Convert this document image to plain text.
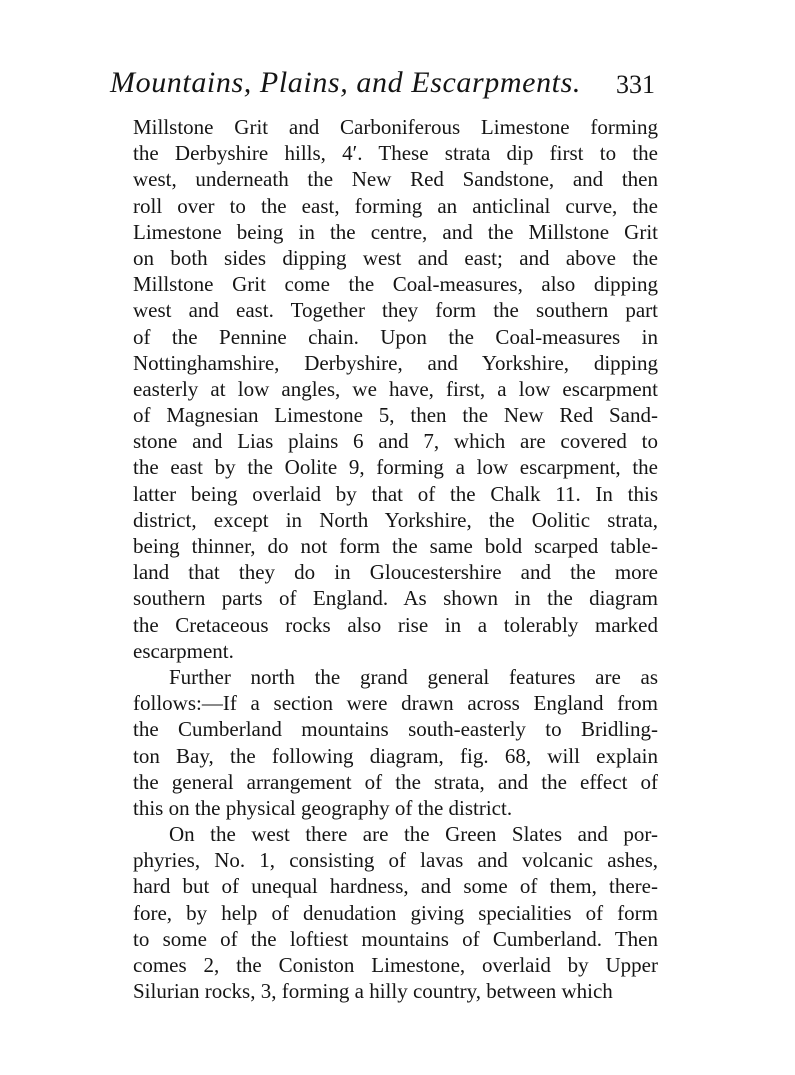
Mountains, Plains, and Escarpments. 331
Millstone Grit and Carboniferous Limestone forming
the Derbyshire hills, 4′. These strata dip first to the
west, underneath the New Red Sandstone, and then
roll over to the east, forming an anticlinal curve, the
Limestone being in the centre, and the Millstone Grit
on both sides dipping west and east; and above the
Millstone Grit come the Coal-measures, also dipping
west and east. Together they form the southern part
of the Pennine chain. Upon the Coal-measures in
Nottinghamshire, Derbyshire, and Yorkshire, dipping
easterly at low angles, we have, first, a low escarpment
of Magnesian Limestone 5, then the New Red Sand-
stone and Lias plains 6 and 7, which are covered to
the east by the Oolite 9, forming a low escarpment, the
latter being overlaid by that of the Chalk 11. In this
district, except in North Yorkshire, the Oolitic strata,
being thinner, do not form the same bold scarped table-
land that they do in Gloucestershire and the more
southern parts of England. As shown in the diagram
the Cretaceous rocks also rise in a tolerably marked
escarpment.
Further north the grand general features are as
follows:—If a section were drawn across England from
the Cumberland mountains south-easterly to Bridling-
ton Bay, the following diagram, fig. 68, will explain
the general arrangement of the strata, and the effect of
this on the physical geography of the district.
On the west there are the Green Slates and por-
phyries, No. 1, consisting of lavas and volcanic ashes,
hard but of unequal hardness, and some of them, there-
fore, by help of denudation giving specialities of form
to some of the loftiest mountains of Cumberland. Then
comes 2, the Coniston Limestone, overlaid by Upper
Silurian rocks, 3, forming a hilly country, between which
